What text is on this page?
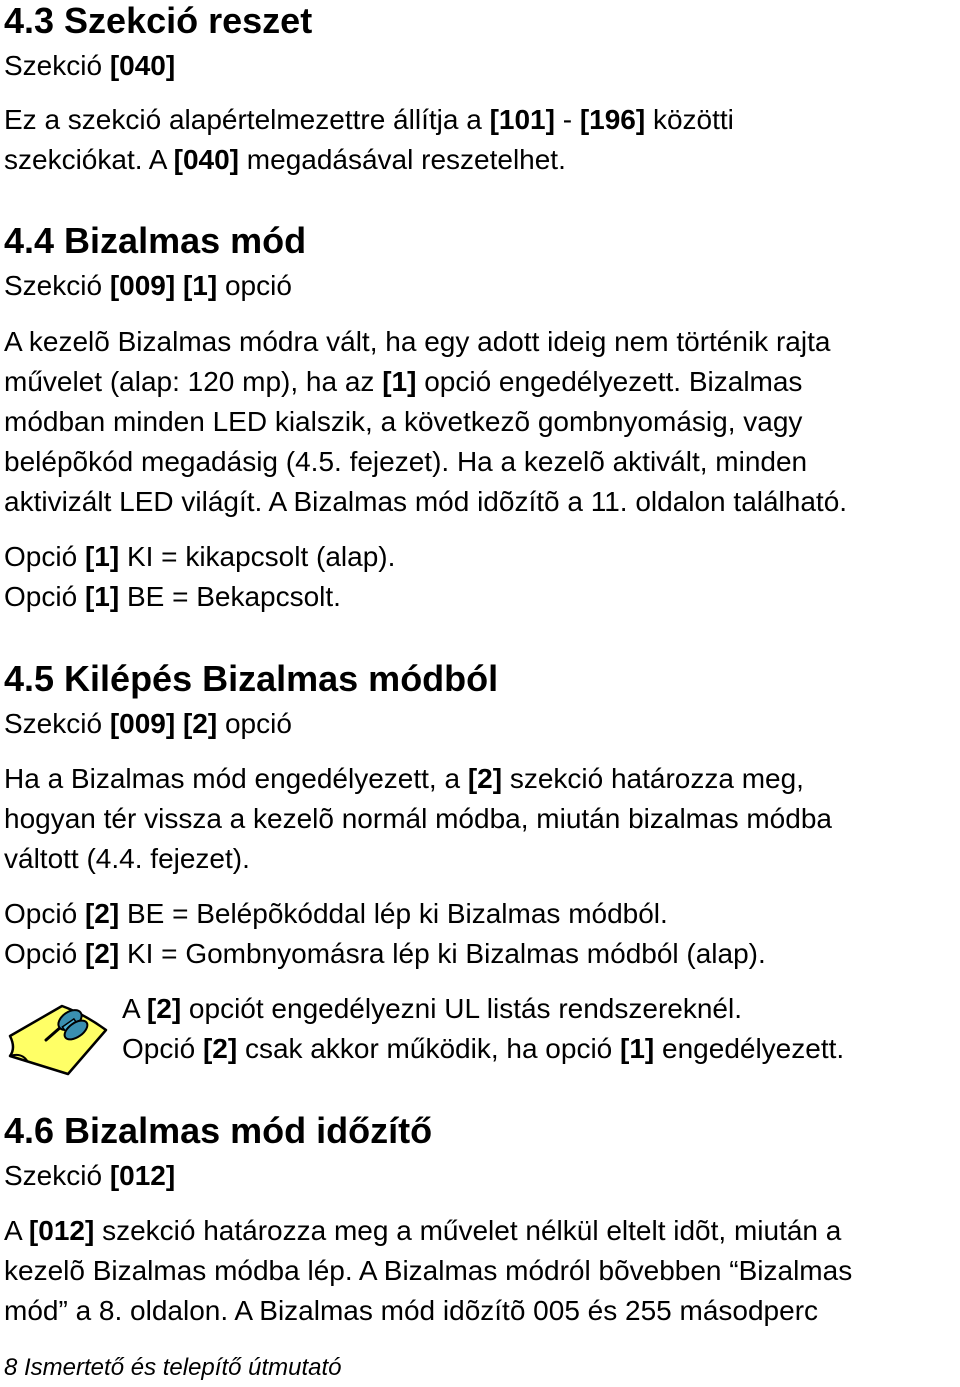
4.3 Szekció reszet
Szekció [040]
Ez a szekció alapértelmezettre állítja a [101] - [196] közötti
szekciókat. A [040] megadásával reszetelhet.
4.4 Bizalmas mód
Szekció [009] [1] opció
A kezelõ Bizalmas módra vált, ha egy adott ideig nem történik rajta
művelet (alap: 120 mp), ha az [1] opció engedélyezett. Bizalmas
módban minden LED kialszik, a következõ gombnyomásig, vagy
belépõkód megadásig (4.5. fejezet). Ha a kezelõ aktivált, minden
aktivizált LED világít. A Bizalmas mód idõzítõ a 11. oldalon található.
Opció [1] KI = kikapcsolt (alap).
Opció [1] BE = Bekapcsolt.
4.5 Kilépés Bizalmas módból
Szekció [009] [2] opció
Ha a Bizalmas mód engedélyezett, a [2] szekció határozza meg,
hogyan tér vissza a kezelõ normál módba, miután bizalmas módba
váltott (4.4. fejezet).
Opció [2] BE = Belépõkóddal lép ki Bizalmas módból.
Opció [2] KI = Gombnyomásra lép ki Bizalmas módból (alap).
A [2] opciót engedélyezni UL listás rendszereknél.
Opció [2] csak akkor működik, ha opció [1] engedélyezett.
4.6 Bizalmas mód időzítő
Szekció [012]
A [012] szekció határozza meg a művelet nélkül eltelt idõt, miután a
kezelõ Bizalmas módba lép. A Bizalmas módról bõvebben “Bizalmas
mód” a 8. oldalon. A Bizalmas mód idõzítõ 005 és 255 másodperc
8 Ismertető és telepítő útmutató
